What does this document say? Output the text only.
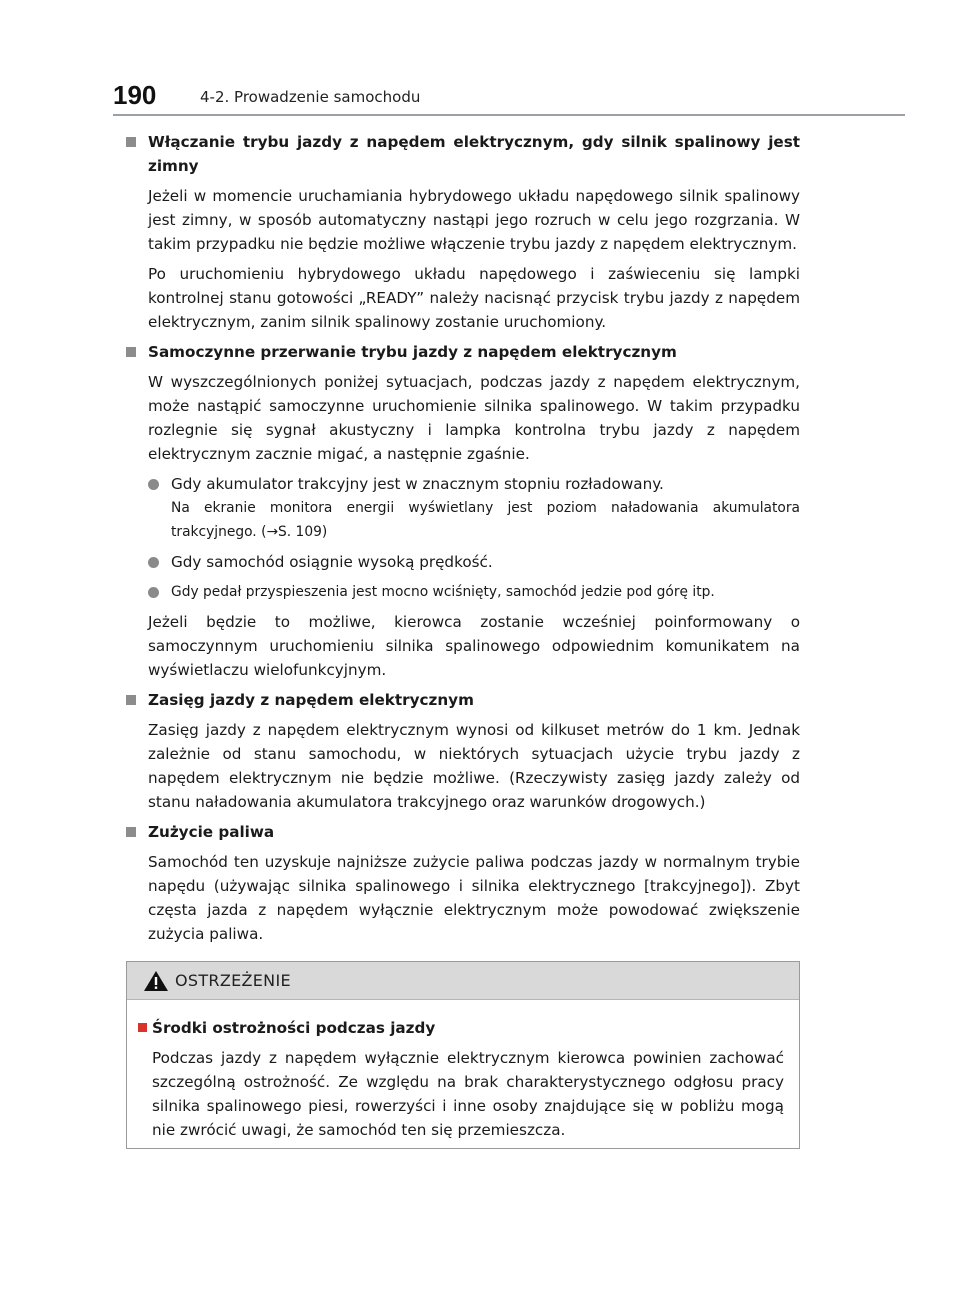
190	4-2. Prowadzenie samochodu
Włączanie trybu jazdy z napędem elektrycznym, gdy silnik spalinowy jest zimny

Jeżeli w momencie uruchamiania hybrydowego układu napędowego silnik spalinowy jest zimny, w sposób automatyczny nastąpi jego rozruch w celu jego rozgrzania. W takim przypadku nie będzie możliwe włączenie trybu jazdy z napędem elektrycznym.

Po uruchomieniu hybrydowego układu napędowego i zaświeceniu się lampki kontrolnej stanu gotowości „READY” należy nacisnąć przycisk trybu jazdy z napędem elektrycznym, zanim silnik spalinowy zostanie uruchomiony.

Samoczynne przerwanie trybu jazdy z napędem elektrycznym

W wyszczególnionych poniżej sytuacjach, podczas jazdy z napędem elektrycznym, może nastąpić samoczynne uruchomienie silnika spalinowego. W takim przypadku rozlegnie się sygnał akustyczny i lampka kontrolna trybu jazdy z napędem elektrycznym zacznie migać, a następnie zgaśnie.

Gdy akumulator trakcyjny jest w znacznym stopniu rozładowany.
Na ekranie monitora energii wyświetlany jest poziom naładowania akumulatora trakcyjnego. (→S. 109)
Gdy samochód osiągnie wysoką prędkość.
Gdy pedał przyspieszenia jest mocno wciśnięty, samochód jedzie pod górę itp.

Jeżeli będzie to możliwe, kierowca zostanie wcześniej poinformowany o samoczynnym uruchomieniu silnika spalinowego odpowiednim komunikatem na wyświetlaczu wielofunkcyjnym.

Zasięg jazdy z napędem elektrycznym

Zasięg jazdy z napędem elektrycznym wynosi od kilkuset metrów do 1 km. Jednak zależnie od stanu samochodu, w niektórych sytuacjach użycie trybu jazdy z napędem elektrycznym nie będzie możliwe. (Rzeczywisty zasięg jazdy zależy od stanu naładowania akumulatora trakcyjnego oraz warunków drogowych.)

Zużycie paliwa

Samochód ten uzyskuje najniższe zużycie paliwa podczas jazdy w normalnym trybie napędu (używając silnika spalinowego i silnika elektrycznego [trakcyjnego]). Zbyt częsta jazda z napędem wyłącznie elektrycznym może powodować zwiększenie zużycia paliwa.

OSTRZEŻENIE
Środki ostrożności podczas jazdy

Podczas jazdy z napędem wyłącznie elektrycznym kierowca powinien zachować szczególną ostrożność. Ze względu na brak charakterystycznego odgłosu pracy silnika spalinowego piesi, rowerzyści i inne osoby znajdujące się w pobliżu mogą nie zwrócić uwagi, że samochód ten się przemieszcza.
